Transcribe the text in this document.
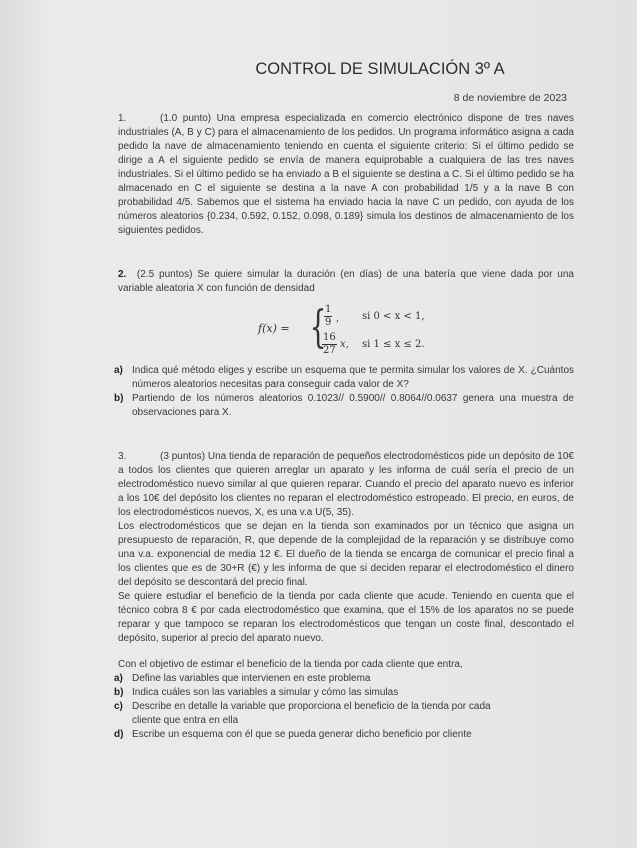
CONTROL DE SIMULACIÓN 3º A
8 de noviembre de 2023
1.	(1.0 punto) Una empresa especializada en comercio electrónico dispone de tres naves industriales (A, B y C) para el almacenamiento de los pedidos. Un programa informático asigna a cada pedido la nave de almacenamiento teniendo en cuenta el siguiente criterio: Si el último pedido se dirige a A el siguiente pedido se envía de manera equiprobable a cualquiera de las tres naves industriales. Si el último pedido se ha enviado a B el siguiente se destina a C. Si el último pedido se ha almacenado en C el siguiente se destina a la nave A con probabilidad 1/5 y a la nave B con probabilidad 4/5. Sabemos que el sistema ha enviado hacia la nave C un pedido, con ayuda de los números aleatorios {0.234, 0.592, 0.152, 0.098, 0.189} simula los destinos de almacenamiento de los siguientes pedidos.
2. (2.5 puntos) Se quiere simular la duración (en días) de una batería que viene dada por una variable aleatoria X con función de densidad
f(x) = {
$\frac{1}{9}$ , si 0 < x < 1,
$\frac{16}{27} x$, si 1 ≤ x ≤ 2.
a) Indica qué método eliges y escribe un esquema que te permita simular los valores de X. ¿Cuántos números aleatorios necesitas para conseguir cada valor de X?
b) Partiendo de los números aleatorios 0.1023// 0.5900// 0.8064//0.0637 genera una muestra de observaciones para X.
3.	(3 puntos) Una tienda de reparación de pequeños electrodomésticos pide un depósito de 10€ a todos los clientes que quieren arreglar un aparato y les informa de cuál sería el precio de un electrodoméstico nuevo similar al que quieren reparar. Cuando el precio del aparato nuevo es inferior a los 10€ del depósito los clientes no reparan el electrodoméstico estropeado. El precio, en euros, de los electrodomésticos nuevos, X, es una v.a U(5, 35).
Los electrodomésticos que se dejan en la tienda son examinados por un técnico que asigna un presupuesto de reparación, R, que depende de la complejidad de la reparación y se distribuye como una v.a. exponencial de media 12 €. El dueño de la tienda se encarga de comunicar el precio final a los clientes que es de 30+R (€) y les informa de que si deciden reparar el electrodoméstico el dinero del depósito se descontará del precio final.
Se quiere estudiar el beneficio de la tienda por cada cliente que acude. Teniendo en cuenta que el técnico cobra 8 € por cada electrodoméstico que examina, que el 15% de los aparatos no se puede reparar y que tampoco se reparan los electrodomésticos que tengan un coste final, descontado el depósito, superior al precio del aparato nuevo.
Con el objetivo de estimar el beneficio de la tienda por cada cliente que entra,
a) Define las variables que intervienen en este problema
b) Indica cuáles son las variables a simular y cómo las simulas
c) Describe en detalle la variable que proporciona el beneficio de la tienda por cada cliente que entra en ella
d) Escribe un esquema con él que se pueda generar dicho beneficio por cliente
